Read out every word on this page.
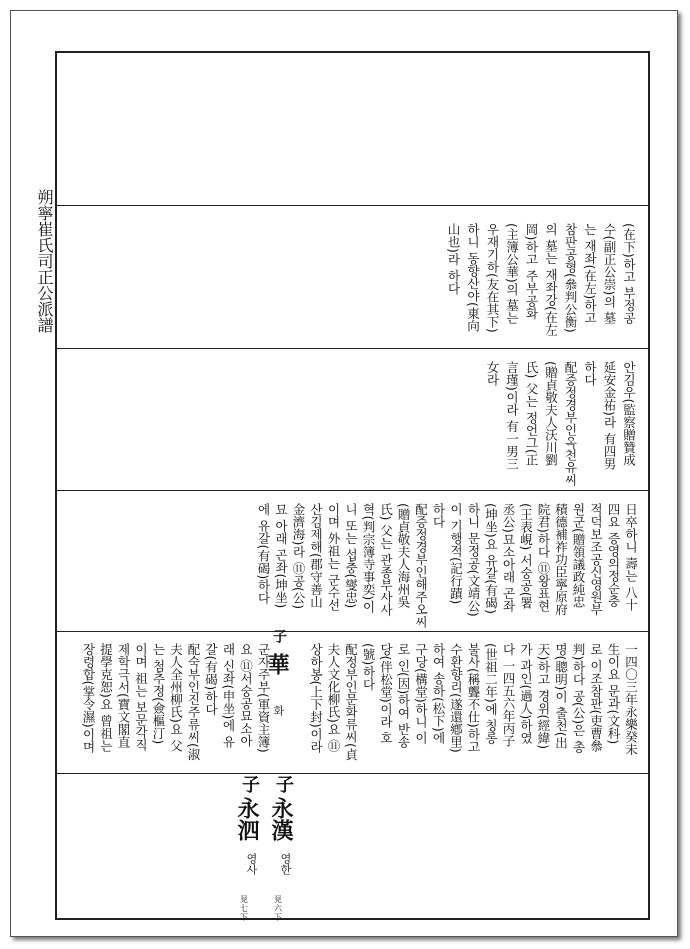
朔寧崔氏司正公派譜	(在下)하고 부정공
수(副正公崇)의 墓
는 재좌(在左)하고
참판공형(叅判公衡)
의 墓는 재좌강(在左
岡)하고 주부공화
(主簿公華)의 墓는
우재기하(友在其下)
하니 동향산야(東向
山也)라 하다
안김우(監察贈贊成
延安金祐)라 有四男
하다
配증정경부인옥천유씨
(贈貞敬夫人沃川劉
氏) 父는 정언그(正
言瑾)이라 有一男三
女라
日卒하니 壽는 八十
四요 증영의정순충
적덕보조공신영원부
원군(贈領議政純忠
積德補祚功臣寧原府
院君)하다 ⑪왕표현
(王表峴) 서숭공(署
丞公)묘소아래 곤좌
(坤坐)요 유갈(有碣)
하니 문정공(文靖公)
이 기행적(記行蹟)
하다
配증정경부인해주오씨
(贈貞敬夫人海州吳
氏) 父는 관종부사사
혁(判宗簿寺事奕)이
니 또는 섭충(燮忠)
이며 外祖는 군수선
산김제해(郡守善山
金濟海)라 ⑪공(公)
묘 아래 곤좌(坤坐)
에 유갈(有碣)하다
子
華
화	一四〇三年永樂癸未
生이요 문과(文科)
로 이조참판(吏曹叅
判)하다 공(公)은 총
명(聰明)이 출천(出
天)하고 경위(經緯)
가 과인(過人)하였
다 一四五六年丙子
(世祖二年)에 칭롱
불사(稱聾不仕)하고
수환향리(遂還鄕里)
하여 송하(松下)에
구당(構堂)하니 이
로 인(因)하여 반송
당(伴松堂)이라 호
(號)하다
配정부인문화류씨(貞
夫人文化柳氏)요 ⑪
상하봉(上下封)이라
군자주부(軍資主簿)
요 ⑪서숭공묘소아
래 신좌(申坐)에 유
갈(有碣)하다
配숙부인진주류씨(淑
夫人全州柳氏)요 父
는 첨추정(僉樞汀)
이며 祖는 보문각직
제학극서(寶文閣直
提學克恕)요 曾祖는
장령합(掌令濕)이며
子
永漢
영한
見
六下
子
永泗
영사
見
七下
